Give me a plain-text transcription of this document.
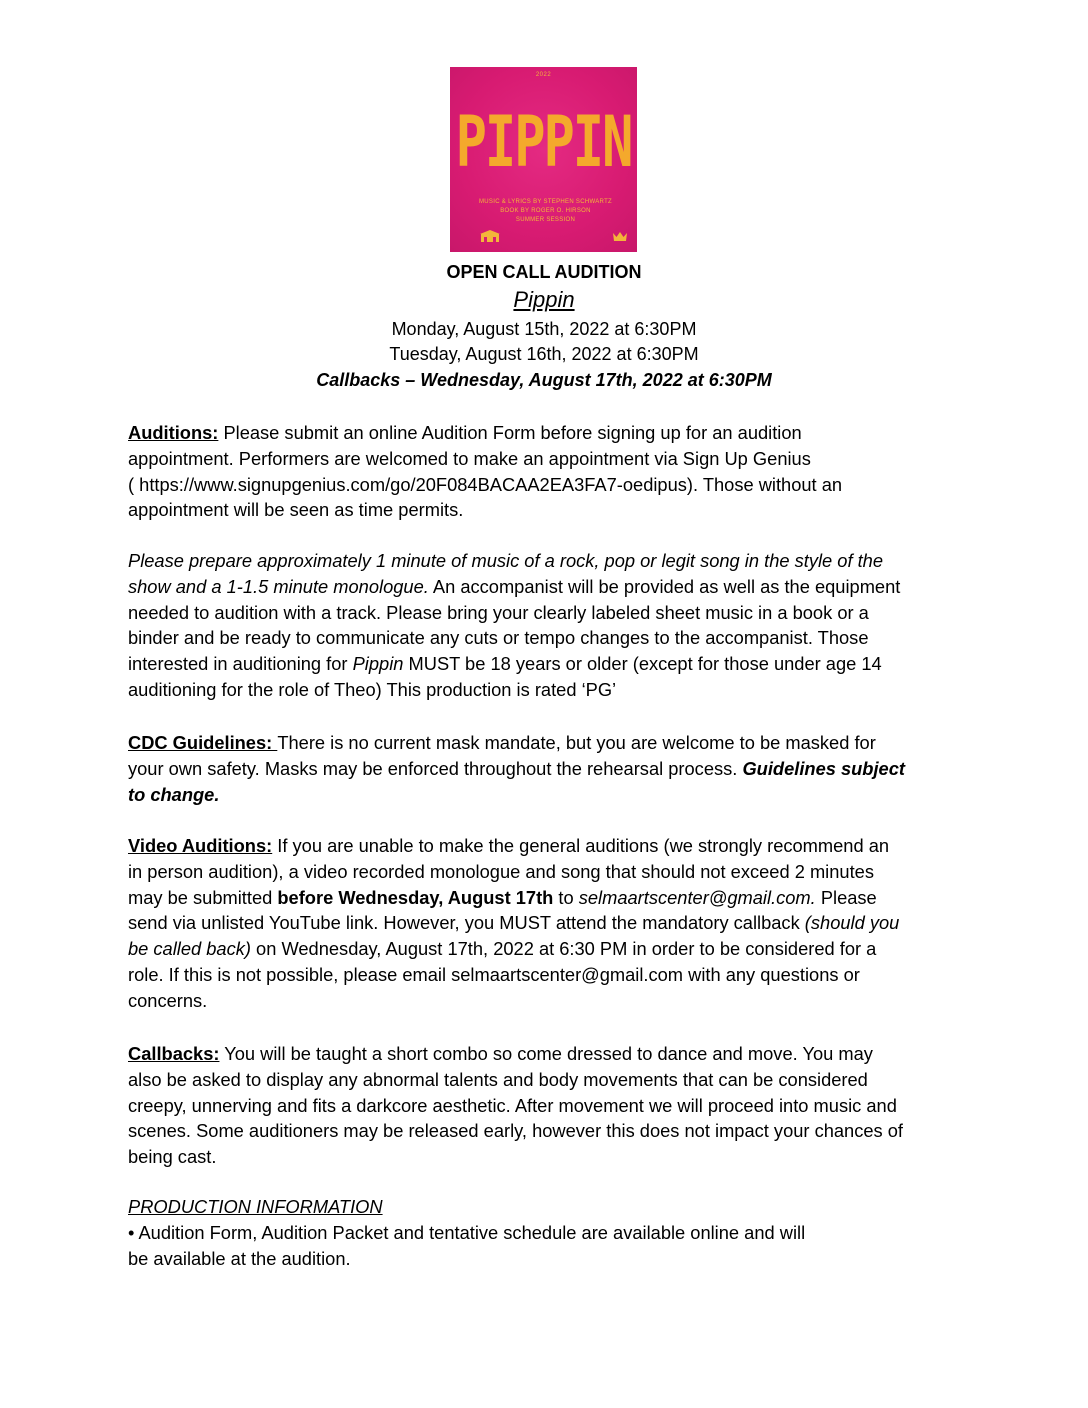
2022
PIPPIN
MUSIC & LYRICS BY STEPHEN SCHWARTZ
BOOK BY ROGER O. HIRSON
SUMMER SESSION
OPEN CALL AUDITION
Pippin
Monday, August 15th, 2022 at 6:30PM
Tuesday, August 16th, 2022 at 6:30PM
Callbacks – Wednesday, August 17th, 2022 at 6:30PM
Auditions: Please submit an online Audition Form before signing up for an audition
appointment. Performers are welcomed to make an appointment via Sign Up Genius
( https://www.signupgenius.com/go/20F084BACAA2EA3FA7-oedipus). Those without an
appointment will be seen as time permits.
Please prepare approximately 1 minute of music of a rock, pop or legit song in the style of the
show and a 1-1.5 minute monologue. An accompanist will be provided as well as the equipment
needed to audition with a track. Please bring your clearly labeled sheet music in a book or a
binder and be ready to communicate any cuts or tempo changes to the accompanist. Those
interested in auditioning for Pippin MUST be 18 years or older (except for those under age 14
auditioning for the role of Theo) This production is rated ‘PG’
CDC Guidelines: There is no current mask mandate, but you are welcome to be masked for
your own safety. Masks may be enforced throughout the rehearsal process. Guidelines subject
to change.
Video Auditions: If you are unable to make the general auditions (we strongly recommend an
in person audition), a video recorded monologue and song that should not exceed 2 minutes
may be submitted before Wednesday, August 17th to selmaartscenter@gmail.com. Please
send via unlisted YouTube link. However, you MUST attend the mandatory callback (should you
be called back) on Wednesday, August 17th, 2022 at 6:30 PM in order to be considered for a
role. If this is not possible, please email selmaartscenter@gmail.com with any questions or
concerns.
Callbacks: You will be taught a short combo so come dressed to dance and move. You may
also be asked to display any abnormal talents and body movements that can be considered
creepy, unnerving and fits a darkcore aesthetic. After movement we will proceed into music and
scenes. Some auditioners may be released early, however this does not impact your chances of
being cast.
PRODUCTION INFORMATION
• Audition Form, Audition Packet and tentative schedule are available online and will
be available at the audition.
